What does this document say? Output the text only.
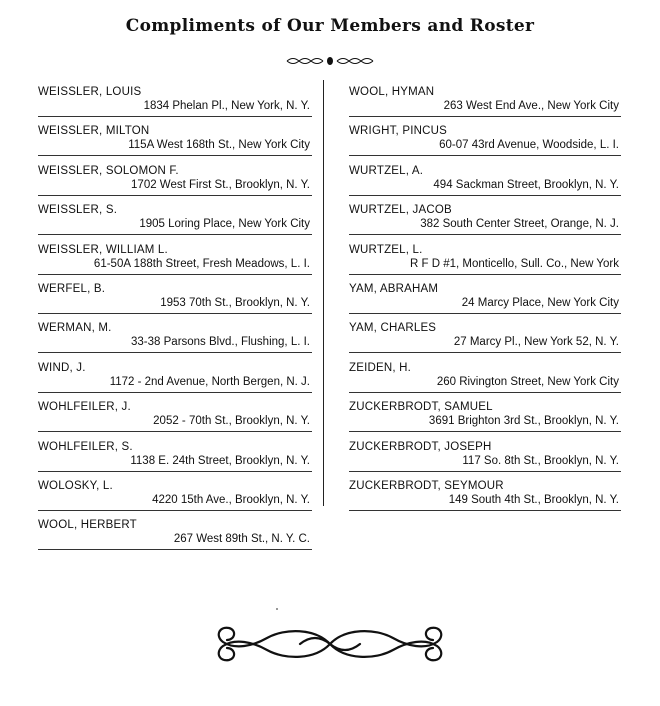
Compliments of Our Members and Roster
WEISSLER, LOUIS
1834 Phelan Pl., New York, N. Y.
WEISSLER, MILTON
115A West 168th St., New York City
WEISSLER, SOLOMON F.
1702 West First St., Brooklyn, N. Y.
WEISSLER, S.
1905 Loring Place, New York City
WEISSLER, WILLIAM L.
61-50A 188th Street, Fresh Meadows, L. I.
WERFEL, B.
1953 70th St., Brooklyn, N. Y.
WERMAN, M.
33-38 Parsons Blvd., Flushing, L. I.
WIND, J.
1172 - 2nd Avenue, North Bergen, N. J.
WOHLFEILER, J.
2052 - 70th St., Brooklyn, N. Y.
WOHLFEILER, S.
1138 E. 24th Street, Brooklyn, N. Y.
WOLOSKY, L.
4220 15th Ave., Brooklyn, N. Y.
WOOL, HERBERT
267 West 89th St., N. Y. C.
WOOL, HYMAN
263 West End Ave., New York City
WRIGHT, PINCUS
60-07 43rd Avenue, Woodside, L. I.
WURTZEL, A.
494 Sackman Street, Brooklyn, N. Y.
WURTZEL, JACOB
382 South Center Street, Orange, N. J.
WURTZEL, L.
R F D #1, Monticello, Sull. Co., New York
YAM, ABRAHAM
24 Marcy Place, New York City
YAM, CHARLES
27 Marcy Pl., New York 52, N. Y.
ZEIDEN, H.
260 Rivington Street, New York City
ZUCKERBRODT, SAMUEL
3691 Brighton 3rd St., Brooklyn, N. Y.
ZUCKERBRODT, JOSEPH
117 So. 8th St., Brooklyn, N. Y.
ZUCKERBRODT, SEYMOUR
149 South 4th St., Brooklyn, N. Y.
